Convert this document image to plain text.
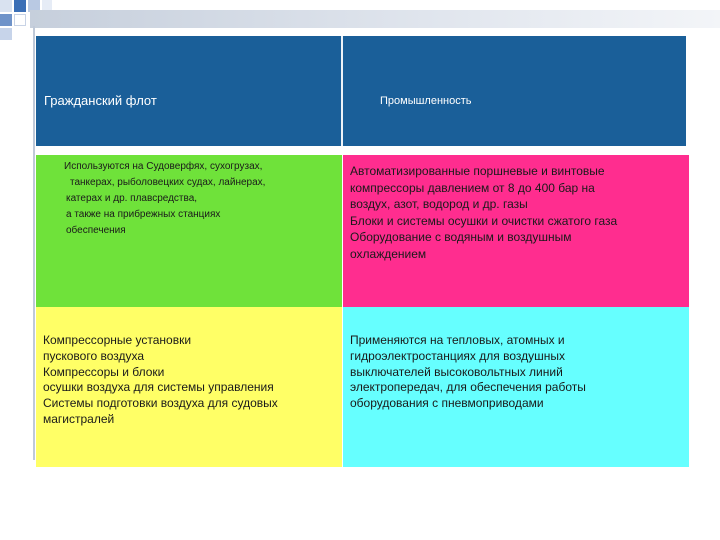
Гражданский флот	Промышленность
Используются на Судоверфях, сухогрузах,
танкерах, рыболовецких судах, лайнерах,
катерах и др. плавсредства,
а также на прибрежных станциях
обеспечения
Автоматизированные поршневые и винтовые
компрессоры давлением от 8 до 400 бар на
воздух, азот, водород и др. газы
Блоки и системы осушки и очистки сжатого газа
Оборудование с водяным и воздушным
охлаждением
Компрессорные установки
пускового воздуха
Компрессоры и блоки
осушки воздуха для системы управления
Системы подготовки воздуха для судовых
магистралей
Применяются на тепловых, атомных и
гидроэлектростанциях для воздушных
выключателей высоковольтных линий
электропередач, для обеспечения работы
оборудования с пневмоприводами
